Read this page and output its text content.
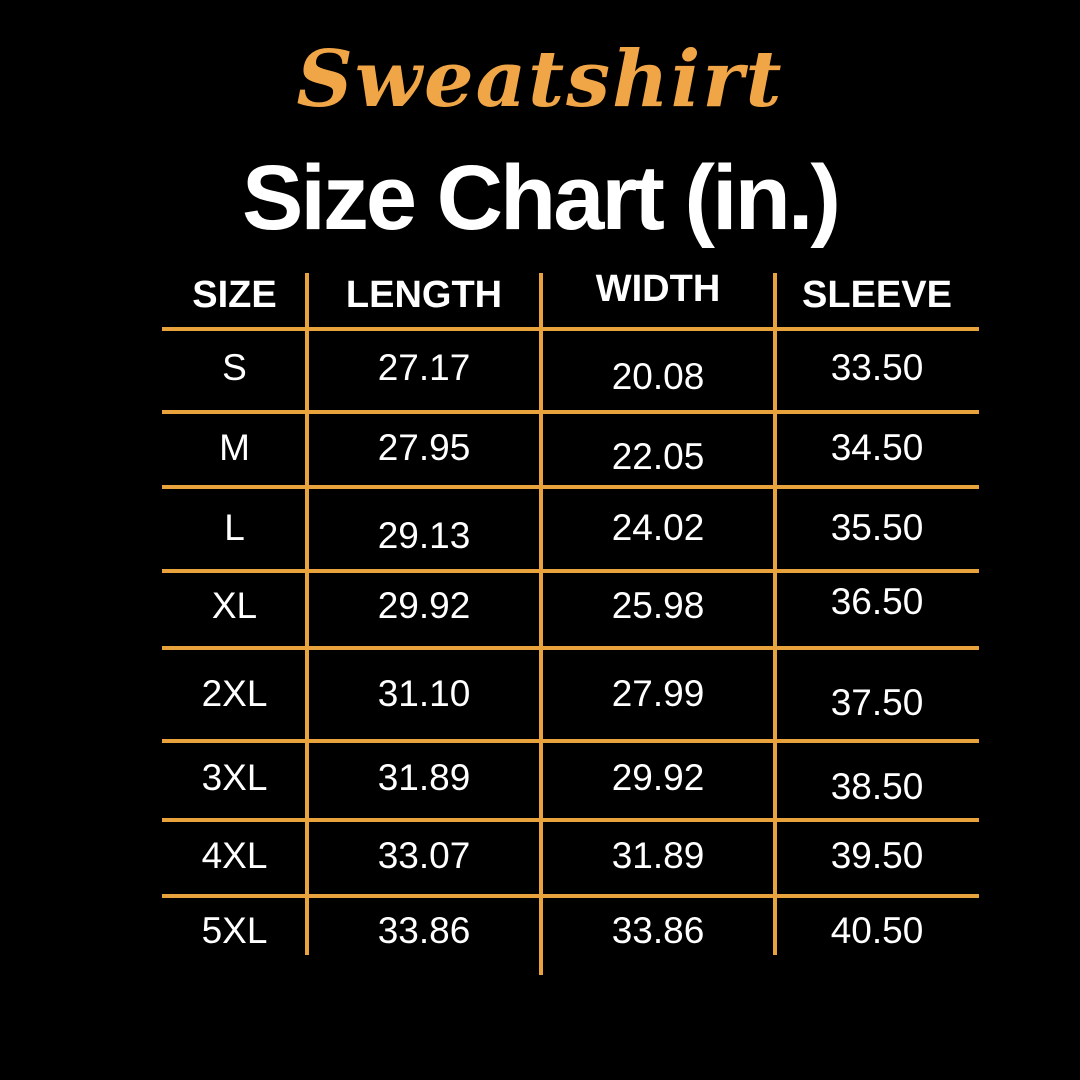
Sweatshirt
Size Chart (in.)
SIZE	LENGTH	WIDTH	SLEEVE
S	27.17	20.08	33.50
M	27.95	22.05	34.50
L	29.13	24.02	35.50
XL	29.92	25.98	36.50
2XL	31.10	27.99	37.50
3XL	31.89	29.92	38.50
4XL	33.07	31.89	39.50
5XL	33.86	33.86	40.50
